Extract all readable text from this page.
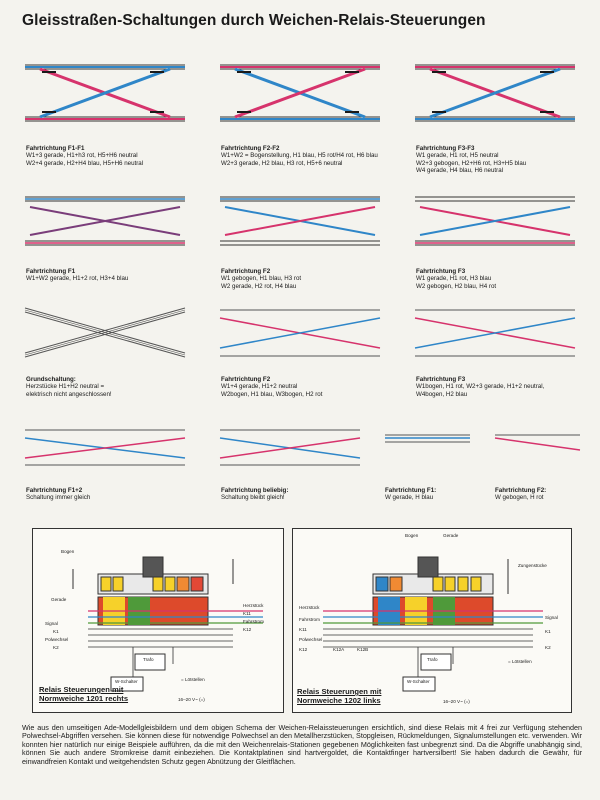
Gleisstraßen-Schaltungen durch Weichen-Relais-Steuerungen
Fahrtrichtung F1-F1
W1+3 gerade, H1+h3 rot, H5+H6 neutral
W2+4 gerade, H2+H4 blau, H5+H6 neutral
Fahrtrichtung F2-F2
W1+W2 = Bogenstellung, H1 blau, H5 rot/H4 rot, H6 blau
W2+3 gerade, H2 blau, H3 rot, H5+6 neutral
Fahrtrichtung F3-F3
W1 gerade, H1 rot, H5 neutral
W2+3 gebogen, H2+H6 rot, H3+H5 blau
W4 gerade, H4 blau, H6 neutral
Fahrtrichtung F1
W1+W2 gerade, H1+2 rot, H3+4 blau
Fahrtrichtung F2
W1 gebogen, H1 blau, H3 rot
W2 gerade, H2 rot, H4 blau
Fahrtrichtung F3
W1 gerade, H1 rot, H3 blau
W2 gebogen, H2 blau, H4 rot
Grundschaltung:
Herzstücke H1+H2 neutral =
elektrisch nicht angeschlossen!
Fahrtrichtung F2
W1+4 gerade, H1+2 neutral
W2bogen, H1 blau, W3bogen, H2 rot
Fahrtrichtung F3
W1bogen, H1 rot, W2+3 gerade, H1+2 neutral,
W4bogen, H2 blau
Fahrtrichtung F1+2
Schaltung immer gleich
Fahrtrichtung beliebig:
Schaltung bleibt gleich!
Fahrtrichtung F1:
W gerade, H blau
Fahrtrichtung F2:
W gebogen, H rot
Gerade
Bogen
Signal
Polwechsel
Herzstück
Fahrstrom
K1
K2
K11
K12
W-Schalter
Trafo
16–20 V~ (=)
= Lötstellen
Relais Steuerungen mit
Normweiche 1201 rechts
Bogen	Gerade
Zungenstücke
Herzstück
Fahrstrom
Polwechsel
Signal
K1
K2
K11
K12	K12A	K12B
W-Schalter
Trafo
16–20 V~ (=)
= Lötstellen
Relais Steuerungen mit
Normweiche 1202 links
Wie aus den umseitigen Ade-Modellgleisbildern und dem obigen Schema der Weichen-Relaissteuerungen ersichtlich, sind diese Relais mit 4 frei zur Verfügung stehenden Polwechsel-Abgriffen versehen. Sie können diese für notwendige Polwechsel an den Metallherzstücken, Stopgleisen, Rückmeldungen, Signalumstellungen etc. verwenden. Wir konnten hier natürlich nur einige Beispiele aufführen, da die mit den Weichenrelais-Stationen gegebenen Möglichkeiten fast unbegrenzt sind. Da die Abgriffe unabhängig sind, können Sie auch andere Stromkreise damit einbeziehen. Die Kontaktplatinen sind hartvergoldet, die Kontaktfinger hartversilbert! Sie haben dadurch die Gewähr, für einwandfreien Kontakt und weitgehendsten Schutz gegen Abnützung der Gleitflächen.
